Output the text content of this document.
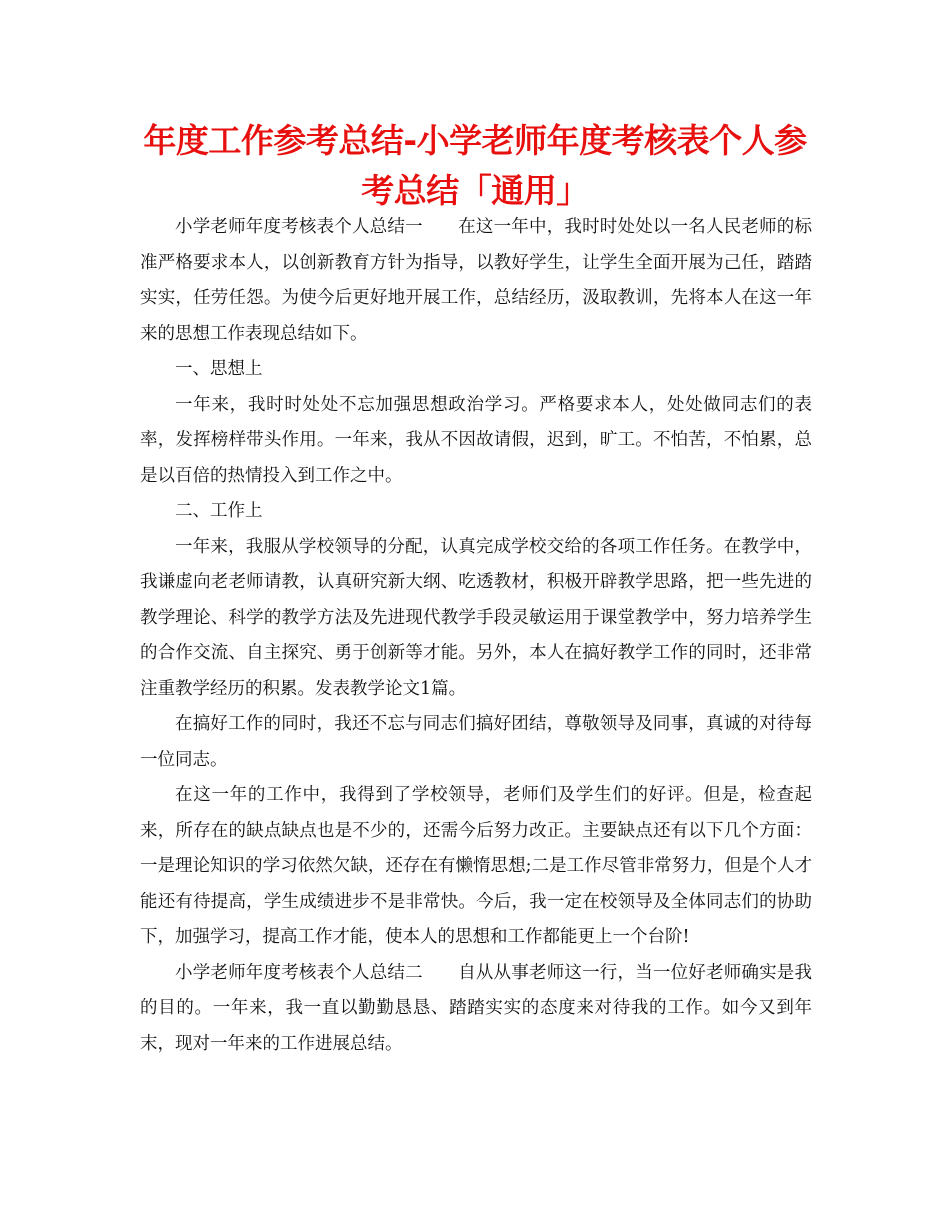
年度工作参考总结-小学老师年度考核表个人参考总结「通用」

小学老师年度考核表个人总结一　　在这一年中，我时时处处以一名人民老师的标准严格要求本人，以创新教育方针为指导，以教好学生，让学生全面开展为己任，踏踏实实，任劳任怨。为使今后更好地开展工作，总结经历，汲取教训，先将本人在这一年来的思想工作表现总结如下。

一、思想上

一年来，我时时处处不忘加强思想政治学习。严格要求本人，处处做同志们的表率，发挥榜样带头作用。一年来，我从不因故请假，迟到，旷工。不怕苦，不怕累，总是以百倍的热情投入到工作之中。

二、工作上

一年来，我服从学校领导的分配，认真完成学校交给的各项工作任务。在教学中，我谦虚向老老师请教，认真研究新大纲、吃透教材，积极开辟教学思路，把一些先进的教学理论、科学的教学方法及先进现代教学手段灵敏运用于课堂教学中，努力培养学生的合作交流、自主探究、勇于创新等才能。另外，本人在搞好教学工作的同时，还非常注重教学经历的积累。发表教学论文1篇。

在搞好工作的同时，我还不忘与同志们搞好团结，尊敬领导及同事，真诚的对待每一位同志。

在这一年的工作中，我得到了学校领导，老师们及学生们的好评。但是，检查起来，所存在的缺点缺点也是不少的，还需今后努力改正。主要缺点还有以下几个方面：一是理论知识的学习依然欠缺，还存在有懒惰思想;二是工作尽管非常努力，但是个人才能还有待提高，学生成绩进步不是非常快。今后，我一定在校领导及全体同志们的协助下，加强学习，提高工作才能，使本人的思想和工作都能更上一个台阶!

小学老师年度考核表个人总结二　　自从从事老师这一行，当一位好老师确实是我的目的。一年来，我一直以勤勤恳恳、踏踏实实的态度来对待我的工作。如今又到年末，现对一年来的工作进展总结。
